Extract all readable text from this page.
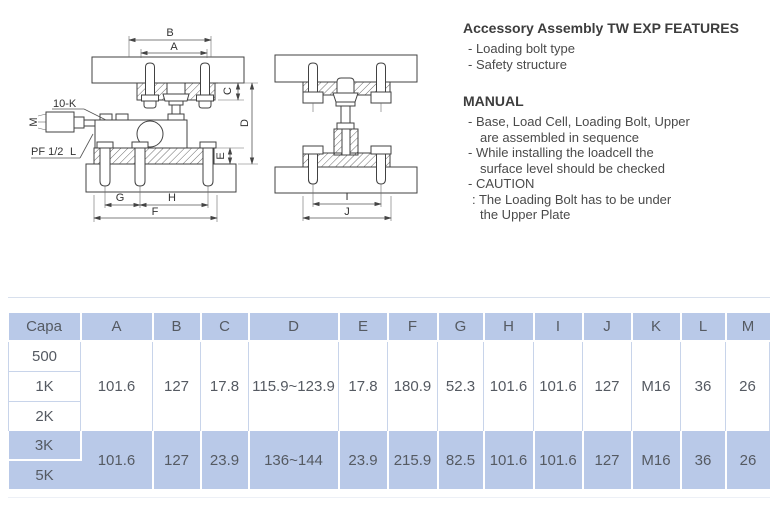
B
A
C
E
D
G	H
F
10-K
M
PF 1/2 L
I
J
Accessory Assembly TW EXP FEATURES
- Loading bolt type
- Safety structure
MANUAL
- Base, Load Cell, Loading Bolt, Upper
are assembled in sequence
- While installing the loadcell the
surface level should be checked
- CAUTION
: The Loading Bolt has to be under
the Upper Plate
Capa	A	B	C	D	E	F	G	H	I	J	K	L	M
500	101.6	127	17.8	115.9~123.9	17.8	180.9	52.3	101.6	101.6	127	M16	36	26
1K													
2K													
3K	101.6	127	23.9	136~144	23.9	215.9	82.5	101.6	101.6	127	M16	36	26
5K													
